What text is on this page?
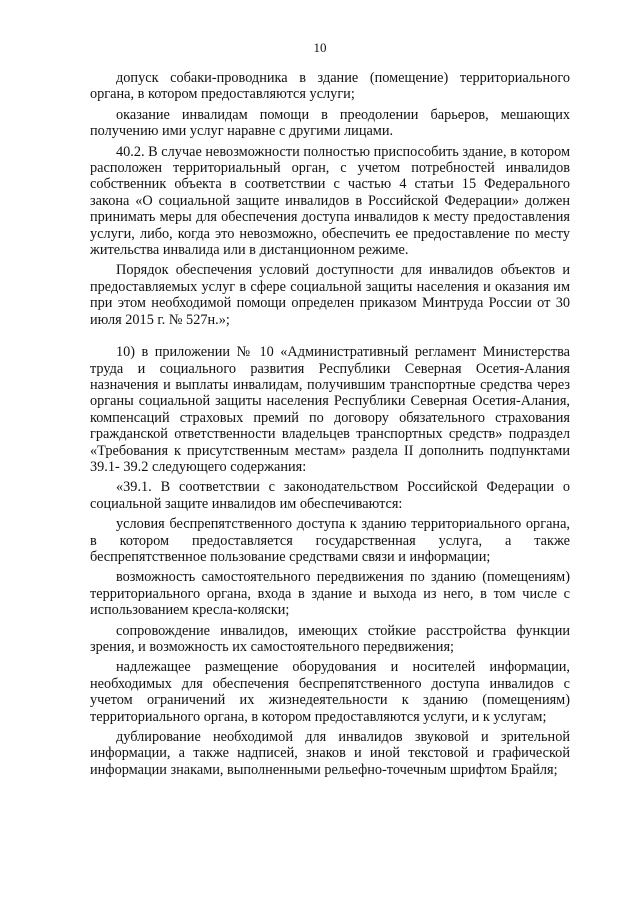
10

допуск собаки-проводника в здание (помещение) территориального органа, в котором предоставляются услуги;

оказание инвалидам помощи в преодолении барьеров, мешающих получению ими услуг наравне с другими лицами.

40.2. В случае невозможности полностью приспособить здание, в котором расположен территориальный орган, с учетом потребностей инвалидов собственник объекта в соответствии с частью 4 статьи 15 Федерального закона «О социальной защите инвалидов в Российской Федерации» должен принимать меры для обеспечения доступа инвалидов к месту предоставления услуги, либо, когда это невозможно, обеспечить ее предоставление по месту жительства инвалида или в дистанционном режиме.

Порядок обеспечения условий доступности для инвалидов объектов и предоставляемых услуг в сфере социальной защиты населения и оказания им при этом необходимой помощи определен приказом Минтруда России от 30 июля 2015 г. № 527н.»;

10) в приложении № 10 «Административный регламент Министерства труда и социального развития Республики Северная Осетия-Алания назначения и выплаты инвалидам, получившим транспортные средства через органы социальной защиты населения Республики Северная Осетия-Алания, компенсаций страховых премий по договору обязательного страхования гражданской ответственности владельцев транспортных средств» подраздел «Требования к присутственным местам» раздела II дополнить подпунктами 39.1- 39.2 следующего содержания:

«39.1. В соответствии с законодательством Российской Федерации о социальной защите инвалидов им обеспечиваются:

условия беспрепятственного доступа к зданию территориального органа, в котором предоставляется государственная услуга, а также беспрепятственное пользование средствами связи и информации;

возможность самостоятельного передвижения по зданию (помещениям) территориального органа, входа в здание и выхода из него, в том числе с использованием кресла-коляски;

сопровождение инвалидов, имеющих стойкие расстройства функции зрения, и возможность их самостоятельного передвижения;

надлежащее размещение оборудования и носителей информации, необходимых для обеспечения беспрепятственного доступа инвалидов с учетом ограничений их жизнедеятельности к зданию (помещениям) территориального органа, в котором предоставляются услуги, и к услугам;

дублирование необходимой для инвалидов звуковой и зрительной информации, а также надписей, знаков и иной текстовой и графической информации знаками, выполненными рельефно-точечным шрифтом Брайля;
